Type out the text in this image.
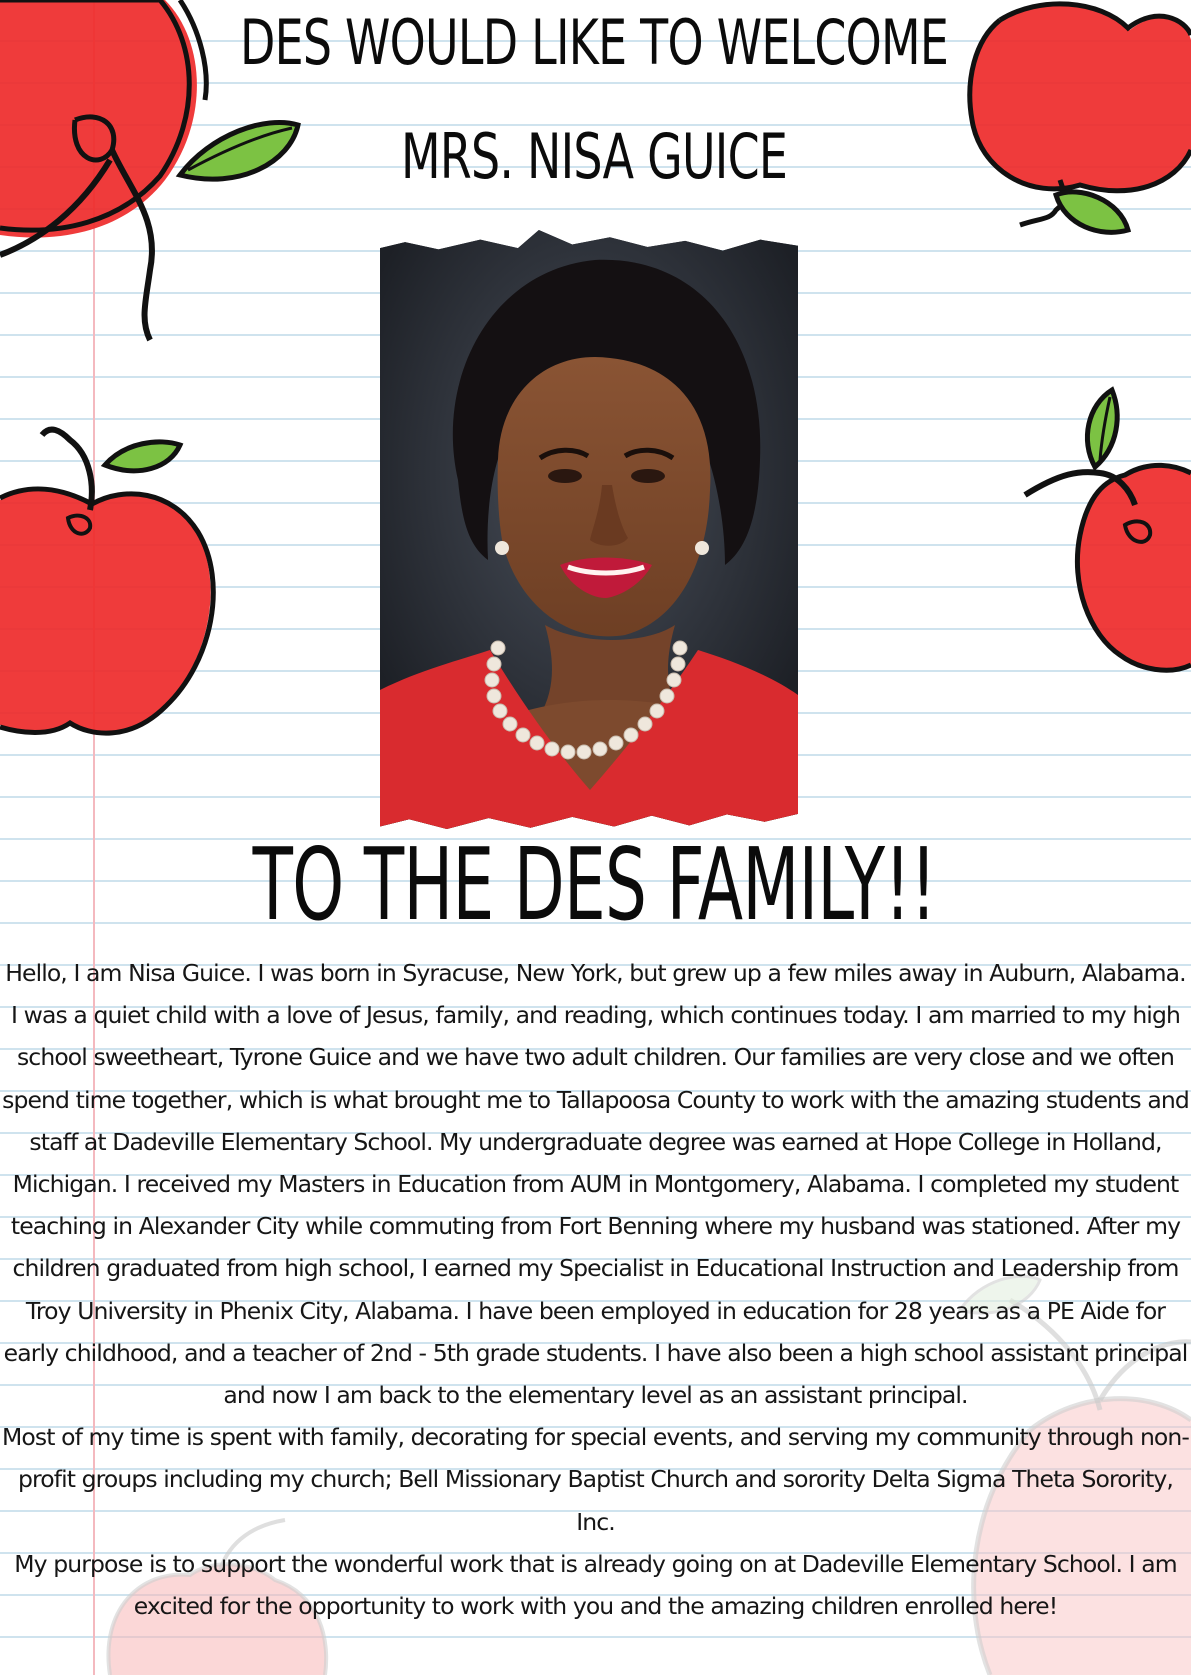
DES WOULD LIKE TO WELCOME
MRS. NISA GUICE
TO THE DES FAMILY!!

Hello, I am Nisa Guice. I was born in Syracuse, New York, but grew up a few miles away in Auburn, Alabama. I was a quiet child with a love of Jesus, family, and reading, which continues today. I am married to my high school sweetheart, Tyrone Guice and we have two adult children. Our families are very close and we often spend time together, which is what brought me to Tallapoosa County to work with the amazing students and staff at Dadeville Elementary School. My undergraduate degree was earned at Hope College in Holland, Michigan. I received my Masters in Education from AUM in Montgomery, Alabama. I completed my student teaching in Alexander City while commuting from Fort Benning where my husband was stationed. After my children graduated from high school, I earned my Specialist in Educational Instruction and Leadership from Troy University in Phenix City, Alabama. I have been employed in education for 28 years as a PE Aide for early childhood, and a teacher of 2nd - 5th grade students. I have also been a high school assistant principal and now I am back to the elementary level as an assistant principal.

Most of my time is spent with family, decorating for special events, and serving my community through non-profit groups including my church; Bell Missionary Baptist Church and sorority Delta Sigma Theta Sorority, Inc.

My purpose is to support the wonderful work that is already going on at Dadeville Elementary School. I am excited for the opportunity to work with you and the amazing children enrolled here!
